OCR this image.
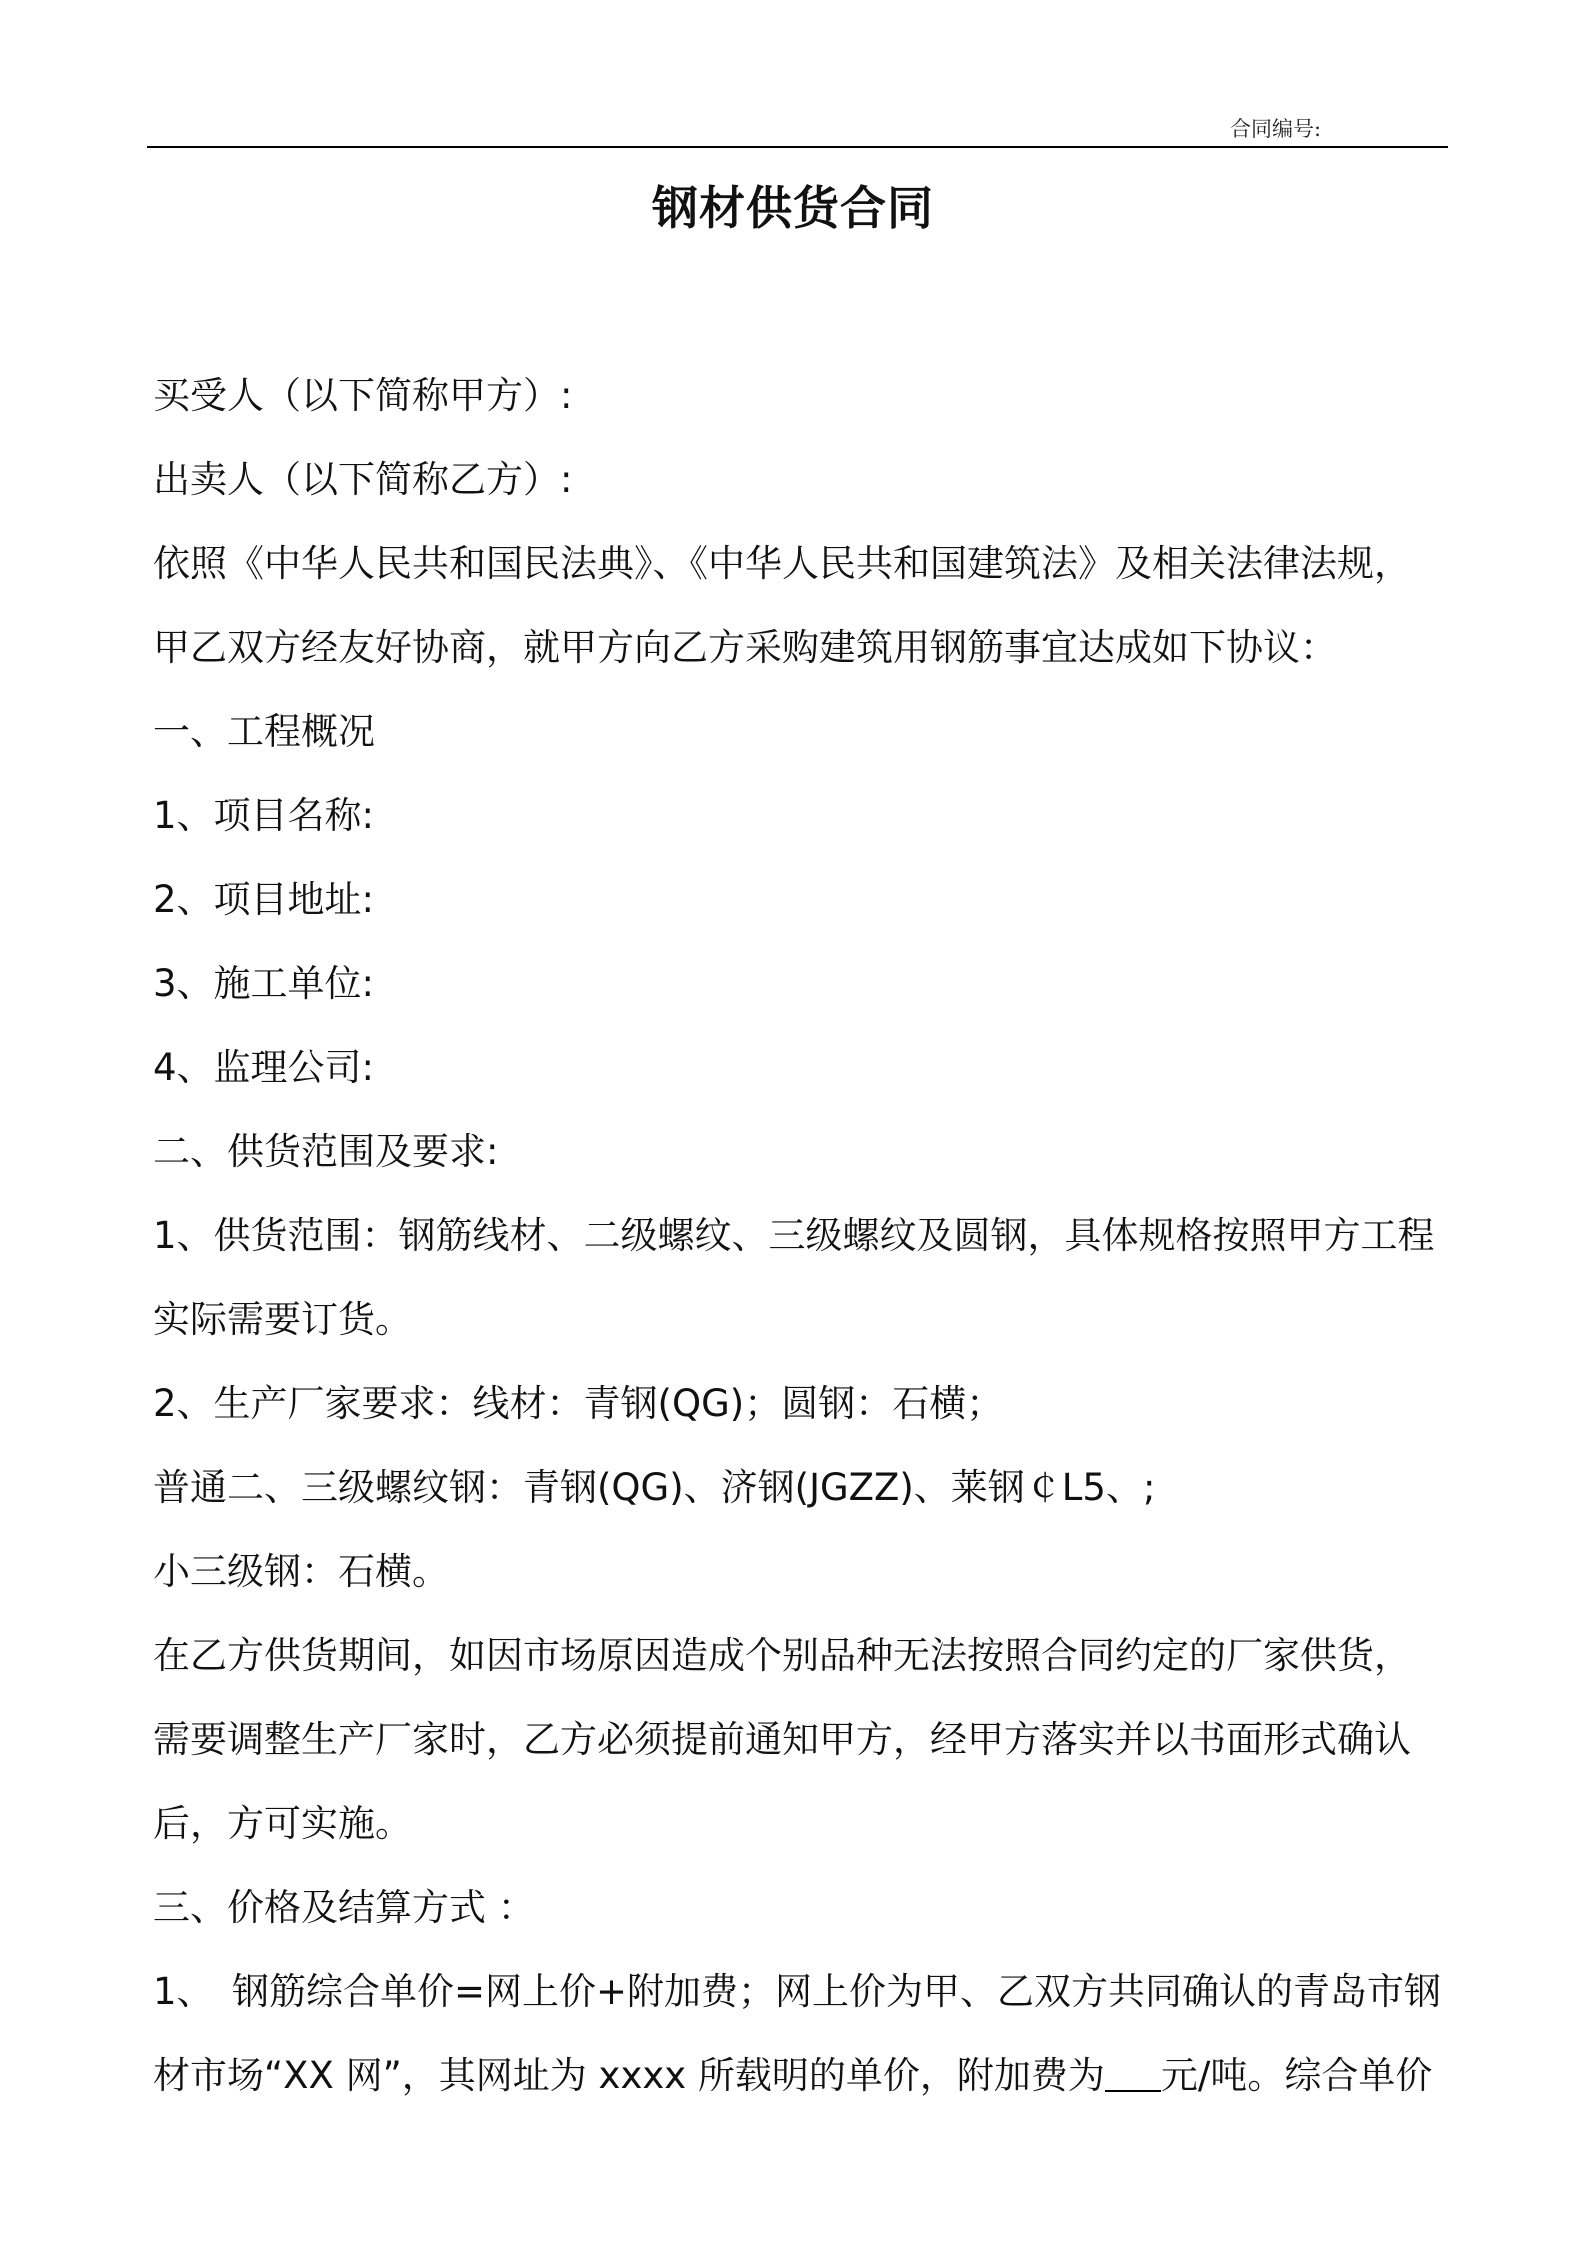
合同编号:
钢材供货合同
买受人（以下简称甲方）:
出卖人（以下简称乙方）:
依照《中华人民共和国民法典》、《中华人民共和国建筑法》及相关法律法规，
甲乙双方经友好协商，就甲方向乙方采购建筑用钢筋事宜达成如下协议：
一、工程概况
1、项目名称:
2、项目地址:
3、施工单位:
4、监理公司:
二、供货范围及要求:
1、供货范围：钢筋线材、二级螺纹、三级螺纹及圆钢，具体规格按照甲方工程
实际需要订货。
2、生产厂家要求：线材：青钢(QG)；圆钢：石横；
普通二、三级螺纹钢：青钢(QG)、济钢(JGZZ)、莱钢￠L5、;
小三级钢：石横。
在乙方供货期间，如因市场原因造成个别品种无法按照合同约定的厂家供货，
需要调整生产厂家时，乙方必须提前通知甲方，经甲方落实并以书面形式确认
后，方可实施。
三、价格及结算方式 ：
1、　钢筋综合单价=网上价+附加费；网上价为甲、乙双方共同确认的青岛市钢
材市场“XX 网”，其网址为 xxxx 所载明的单价，附加费为 元/吨。综合单价
